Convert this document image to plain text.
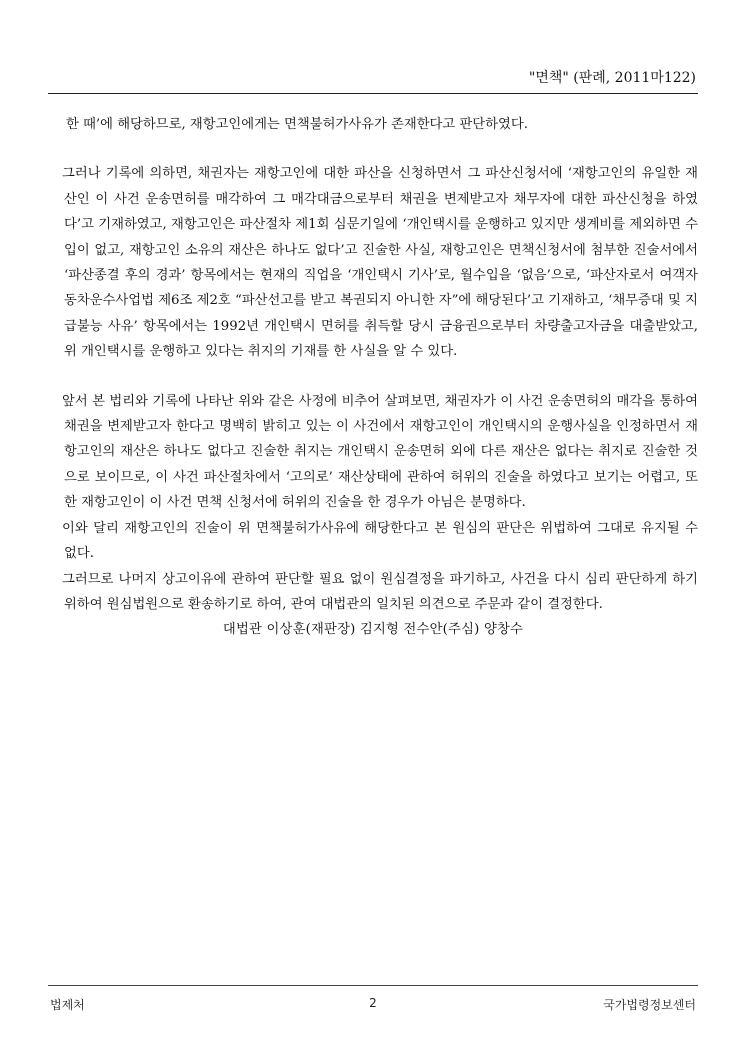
"면책" (판례, 2011마122)

한 때’에 해당하므로, 재항고인에게는 면책불허가사유가 존재한다고 판단하였다.

그러나 기록에 의하면, 채권자는 재항고인에 대한 파산을 신청하면서 그 파산신청서에 ‘재항고인의 유일한 재산인 이 사건 운송면허를 매각하여 그 매각대금으로부터 채권을 변제받고자 채무자에 대한 파산신청을 하였다’고 기재하였고, 재항고인은 파산절차 제1회 심문기일에 ‘개인택시를 운행하고 있지만 생계비를 제외하면 수입이 없고, 재항고인 소유의 재산은 하나도 없다’고 진술한 사실, 재항고인은 면책신청서에 첨부한 진술서에서 ‘파산종결 후의 경과’ 항목에서는 현재의 직업을 ‘개인택시 기사’로, 월수입을 ‘없음’으로, ‘파산자로서 여객자동차운수사업법 제6조 제2호 “파산선고를 받고 복권되지 아니한 자”에 해당된다’고 기재하고, ‘채무증대 및 지급불능 사유’ 항목에서는 1992년 개인택시 면허를 취득할 당시 금융권으로부터 차량출고자금을 대출받았고, 위 개인택시를 운행하고 있다는 취지의 기재를 한 사실을 알 수 있다.

앞서 본 법리와 기록에 나타난 위와 같은 사정에 비추어 살펴보면, 채권자가 이 사건 운송면허의 매각을 통하여 채권을 변제받고자 한다고 명백히 밝히고 있는 이 사건에서 재항고인이 개인택시의 운행사실을 인정하면서 재항고인의 재산은 하나도 없다고 진술한 취지는 개인택시 운송면허 외에 다른 재산은 없다는 취지로 진술한 것으로 보이므로, 이 사건 파산절차에서 ‘고의로’ 재산상태에 관하여 허위의 진술을 하였다고 보기는 어렵고, 또한 재항고인이 이 사건 면책 신청서에 허위의 진술을 한 경우가 아님은 분명하다.

이와 달리 재항고인의 진술이 위 면책불허가사유에 해당한다고 본 원심의 판단은 위법하여 그대로 유지될 수 없다.

그러므로 나머지 상고이유에 관하여 판단할 필요 없이 원심결정을 파기하고, 사건을 다시 심리 판단하게 하기 위하여 원심법원으로 환송하기로 하여, 관여 대법관의 일치된 의견으로 주문과 같이 결정한다.

대법관 이상훈(재판장) 김지형 전수안(주심) 양창수

법제처	2	국가법령정보센터
